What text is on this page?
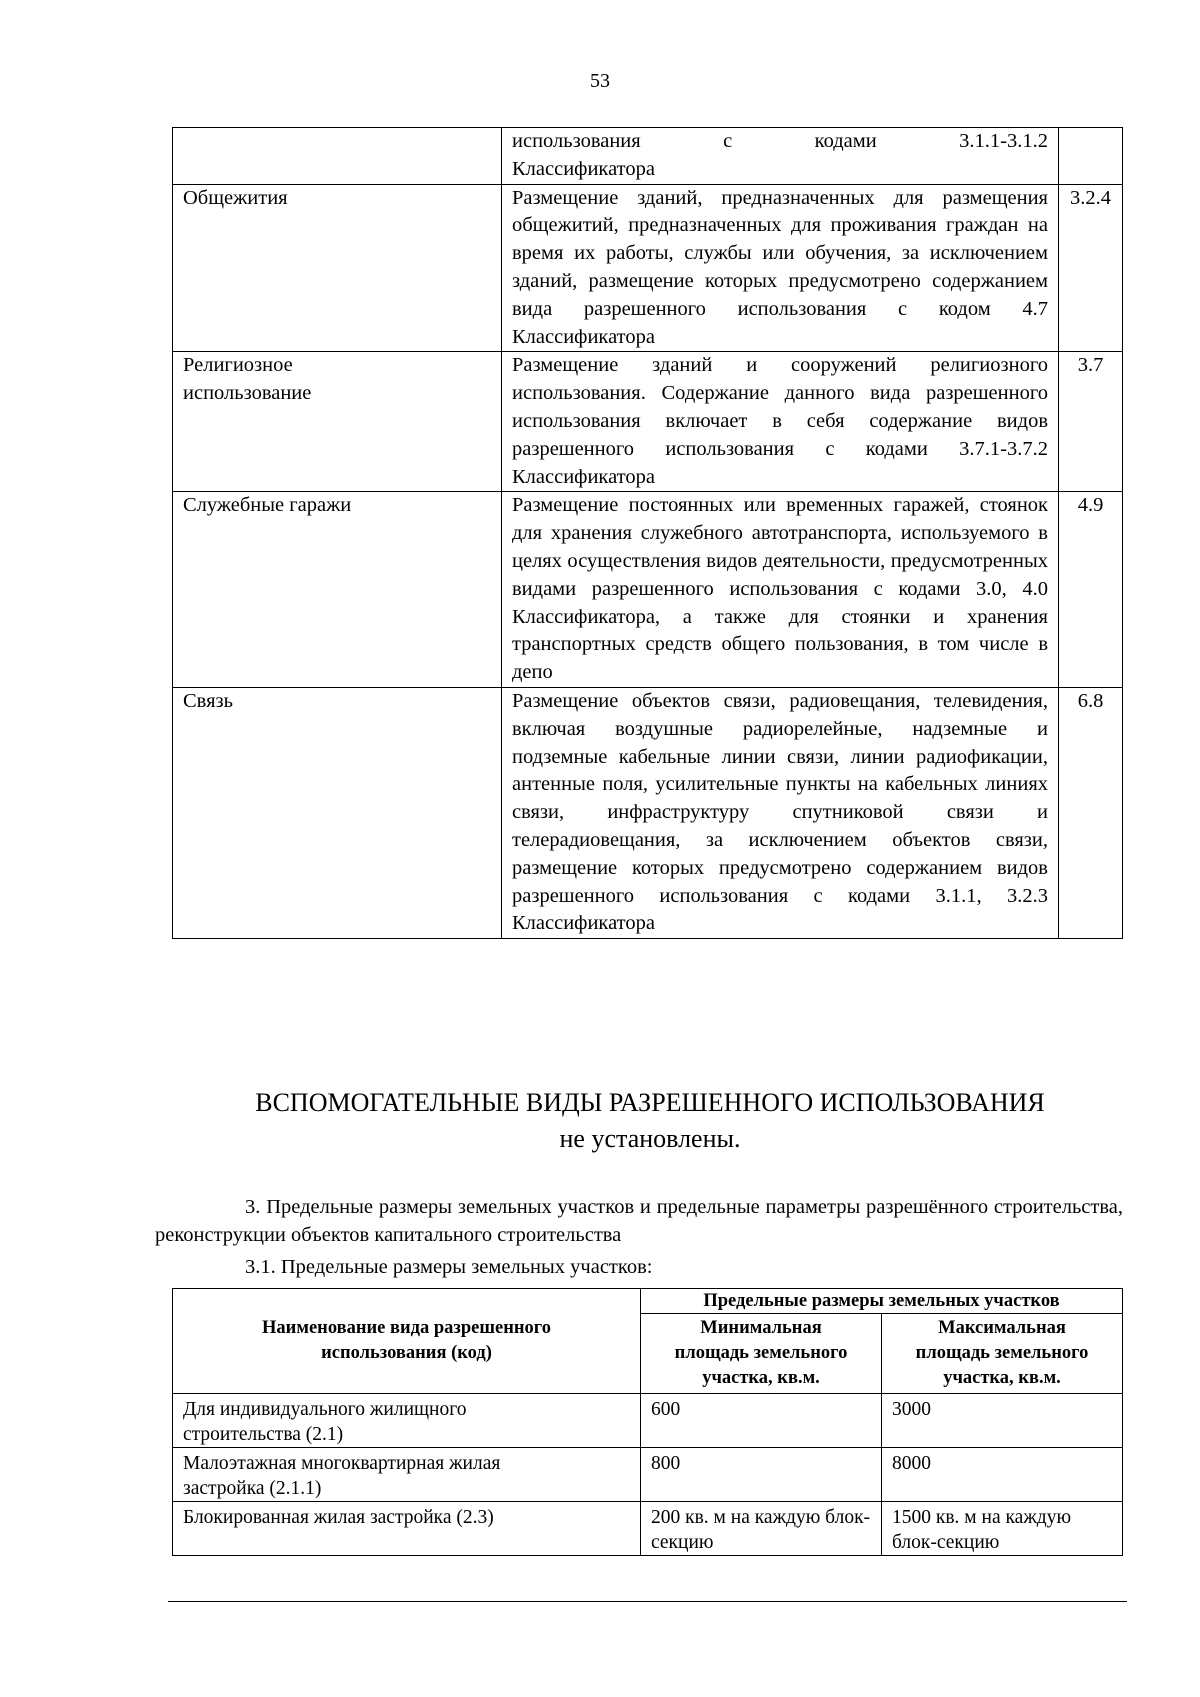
53

	использования с кодами 3.1.1-3.1.2
Классификатора	

Общежития	Размещение зданий, предназначенных для размещения общежитий, предназначенных для проживания граждан на время их работы, службы или обучения, за исключением зданий, размещение которых предусмотрено содержанием вида разрешенного использования с кодом 4.7 Классификатора	3.2.4

Религиозное использование	Размещение зданий и сооружений религиозного использования. Содержание данного вида разрешенного использования включает в себя содержание видов разрешенного использования с кодами 3.7.1-3.7.2 Классификатора	3.7
Служебные гаражи	Размещение постоянных или временных гаражей, стоянок для хранения служебного автотранспорта, используемого в целях осуществления видов деятельности, предусмотренных видами разрешенного использования с кодами 3.0, 4.0 Классификатора, а также для стоянки и хранения транспортных средств общего пользования, в том числе в депо	4.9
Связь	Размещение объектов связи, радиовещания, телевидения, включая воздушные радиорелейные, надземные и подземные кабельные линии связи, линии радиофикации, антенные поля, усилительные пункты на кабельных линиях связи, инфраструктуру спутниковой связи и телерадиовещания, за исключением объектов связи, размещение которых предусмотрено содержанием видов разрешенного использования с кодами 3.1.1, 3.2.3 Классификатора	6.8
ВСПОМОГАТЕЛЬНЫЕ ВИДЫ РАЗРЕШЕННОГО ИСПОЛЬЗОВАНИЯ
не установлены.
3. Предельные размеры земельных участков и предельные параметры разрешённого строительства, реконструкции объектов капитального строительства
3.1. Предельные размеры земельных участков:
Наименование вида разрешенного использования (код)	Предельные размеры земельных участков	
	Минимальная площадь земельного участка, кв.м.	Максимальная площадь земельного участка, кв.м.

Для индивидуального жилищного строительства (2.1)	600	3000

Малоэтажная многоквартирная жилая застройка (2.1.1)	800	8000
Блокированная жилая застройка (2.3)	200 кв. м на каждую блок-секцию	1500 кв. м на каждую блок-секцию
